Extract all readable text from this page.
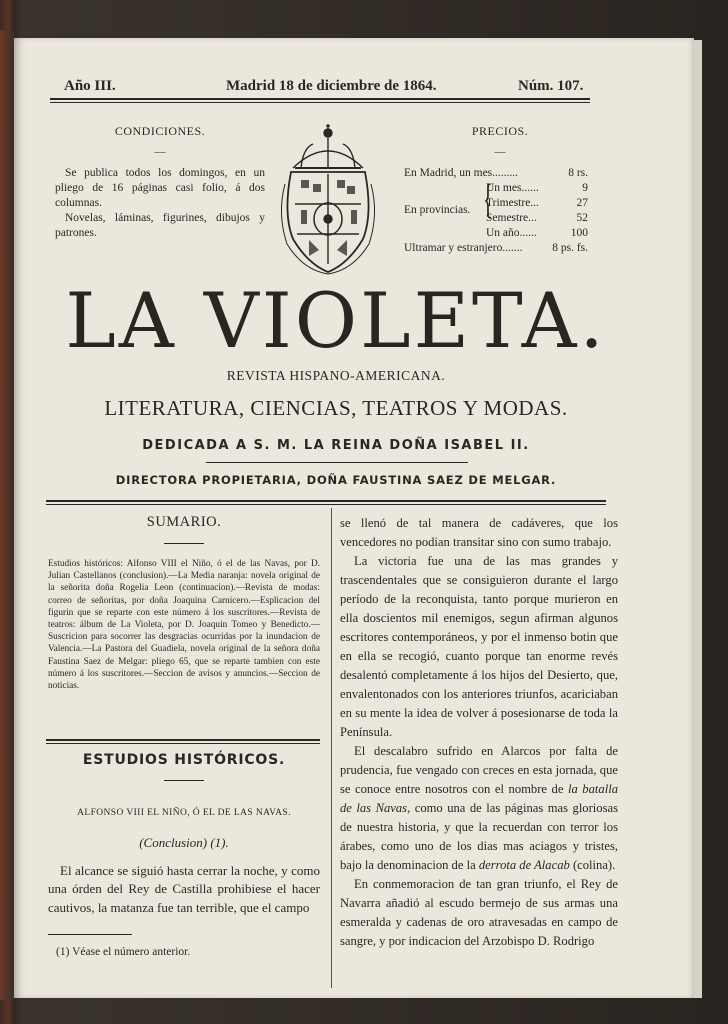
Año III.	Madrid 18 de diciembre de 1864.	Núm. 107.
CONDICIONES.
—

Se publica todos los domingos, en un pliego de 16 páginas casi folio, á dos columnas.

Novelas, láminas, figurines, dibujos y patrones.

PRECIOS.
—
En Madrid, un mes.........	8 rs.
En provincias. {
Un mes......	9
Trimestre...	27
Semestre...	52
Un año......	100
Ultramar y estranjero.......	8 ps. fs.
LA VIOLETA.
REVISTA HISPANO-AMERICANA.
LITERATURA, CIENCIAS, TEATROS Y MODAS.
DEDICADA A S. M. LA REINA DOÑA ISABEL II.
DIRECTORA PROPIETARIA, DOÑA FAUSTINA SAEZ DE MELGAR.
SUMARIO.

Estudios históricos: Alfonso VIII el Niño, ó el de las Navas, por D. Julian Castellanos (conclusion).—La Media naranja: novela original de la señorita doña Rogelia Leon (continuacion).—Revista de modas: correo de señoritas, por doña Joaquina Carnicero.—Esplicacion del figurin que se reparte con este número á los suscritores.—Revista de teatros: álbum de La Violeta, por D. Joaquin Tomeo y Benedicto.—Suscricion para socorrer las desgracias ocurridas por la inundacion de Valencia.—La Pastora del Guadiela, novela original de la señora doña Faustina Saez de Melgar: pliego 65, que se reparte tambien con este número á los suscritores.—Seccion de avisos y anuncios.—Seccion de noticias.

ESTUDIOS HISTÓRICOS.
ALFONSO VIII EL NIÑO, Ó EL DE LAS NAVAS.
(Conclusion) (1).

El alcance se siguió hasta cerrar la noche, y como una órden del Rey de Castilla prohibiese el hacer cautivos, la matanza fue tan terrible, que el campo

(1) Véase el número anterior.

se llenó de tal manera de cadáveres, que los vencedores no podian transitar sino con sumo trabajo.

La victoria fue una de las mas grandes y trascendentales que se consiguieron durante el largo período de la reconquista, tanto porque murieron en ella doscientos mil enemigos, segun afirman algunos escritores contemporáneos, y por el inmenso botin que en ella se recogió, cuanto porque tan enorme revés desalentó completamente á los hijos del Desierto, que, envalentonados con los anteriores triunfos, acariciaban en su mente la idea de volver á posesionarse de toda la Península.

El descalabro sufrido en Alarcos por falta de prudencia, fue vengado con creces en esta jornada, que se conoce entre nosotros con el nombre de la batalla de las Navas, como una de las páginas mas gloriosas de nuestra historia, y que la recuerdan con terror los árabes, como uno de los dias mas aciagos y tristes, bajo la denominacion de la derrota de Alacab (colina).

En conmemoracion de tan gran triunfo, el Rey de Navarra añadió al escudo bermejo de sus armas una esmeralda y cadenas de oro atravesadas en campo de sangre, y por indicacion del Arzobispo D. Rodrigo
